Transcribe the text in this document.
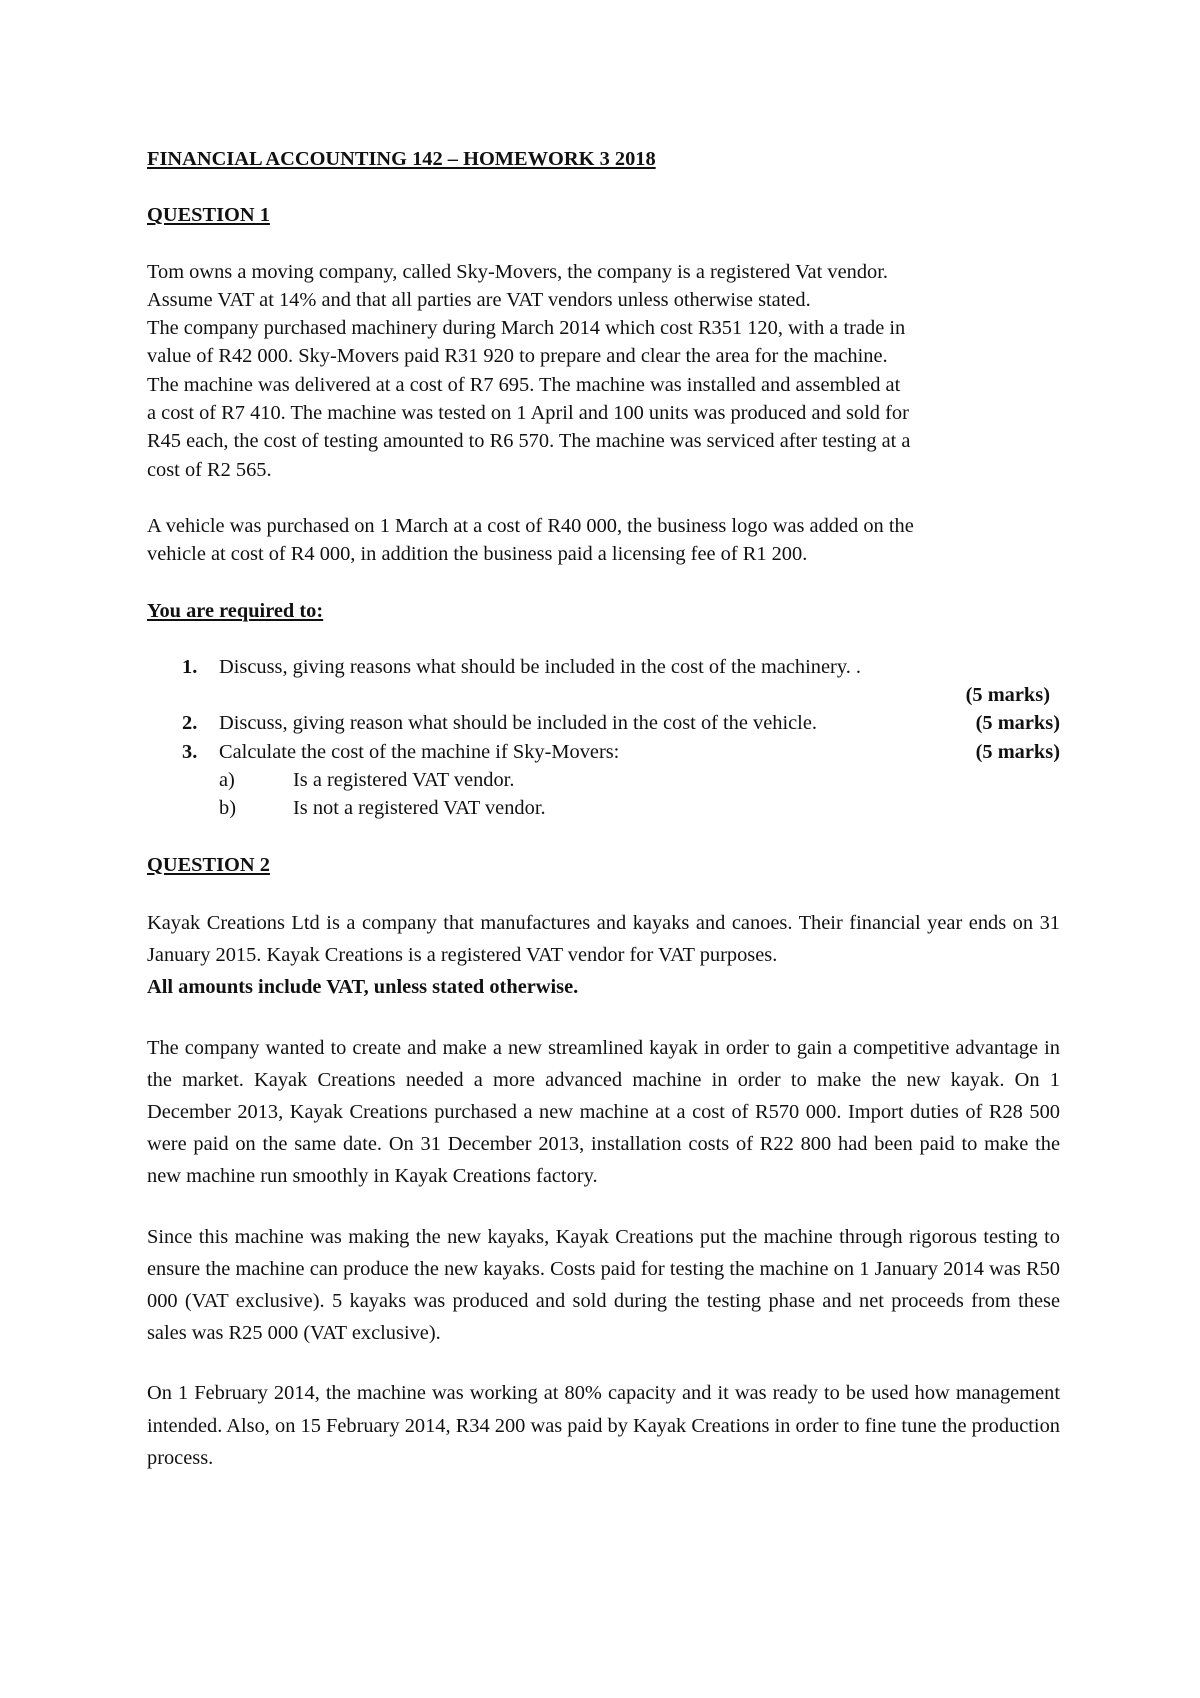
FINANCIAL ACCOUNTING 142 – HOMEWORK 3 2018

QUESTION 1

Tom owns a moving company, called Sky-Movers, the company is a registered Vat vendor.

Assume VAT at 14% and that all parties are VAT vendors unless otherwise stated.

The company purchased machinery during March 2014 which cost R351 120, with a trade in

value of R42 000. Sky-Movers paid R31 920 to prepare and clear the area for the machine.

The machine was delivered at a cost of R7 695. The machine was installed and assembled at

a cost of R7 410. The machine was tested on 1 April and 100 units was produced and sold for

R45 each, the cost of testing amounted to R6 570. The machine was serviced after testing at a

cost of R2 565.

A vehicle was purchased on 1 March at a cost of R40 000, the business logo was added on the

vehicle at cost of R4 000, in addition the business paid a licensing fee of R1 200.

You are required to:

1.	Discuss, giving reasons what should be included in the cost of the machinery. .
(5 marks)
2.	Discuss, giving reason what should be included in the cost of the vehicle.	(5 marks)
3.	Calculate the cost of the machine if Sky-Movers:	(5 marks)
a)	Is a registered VAT vendor.
b)	Is not a registered VAT vendor.

QUESTION 2

Kayak Creations Ltd is a company that manufactures and kayaks and canoes. Their financial year ends on 31 January 2015. Kayak Creations is a registered VAT vendor for VAT purposes.
All amounts include VAT, unless stated otherwise.

The company wanted to create and make a new streamlined kayak in order to gain a competitive advantage in the market. Kayak Creations needed a more advanced machine in order to make the new kayak. On 1 December 2013, Kayak Creations purchased a new machine at a cost of R570 000. Import duties of R28 500 were paid on the same date. On 31 December 2013, installation costs of R22 800 had been paid to make the new machine run smoothly in Kayak Creations factory.

Since this machine was making the new kayaks, Kayak Creations put the machine through rigorous testing to ensure the machine can produce the new kayaks. Costs paid for testing the machine on 1 January 2014 was R50 000 (VAT exclusive). 5 kayaks was produced and sold during the testing phase and net proceeds from these sales was R25 000 (VAT exclusive).

On 1 February 2014, the machine was working at 80% capacity and it was ready to be used how management intended. Also, on 15 February 2014, R34 200 was paid by Kayak Creations in order to fine tune the production process.
